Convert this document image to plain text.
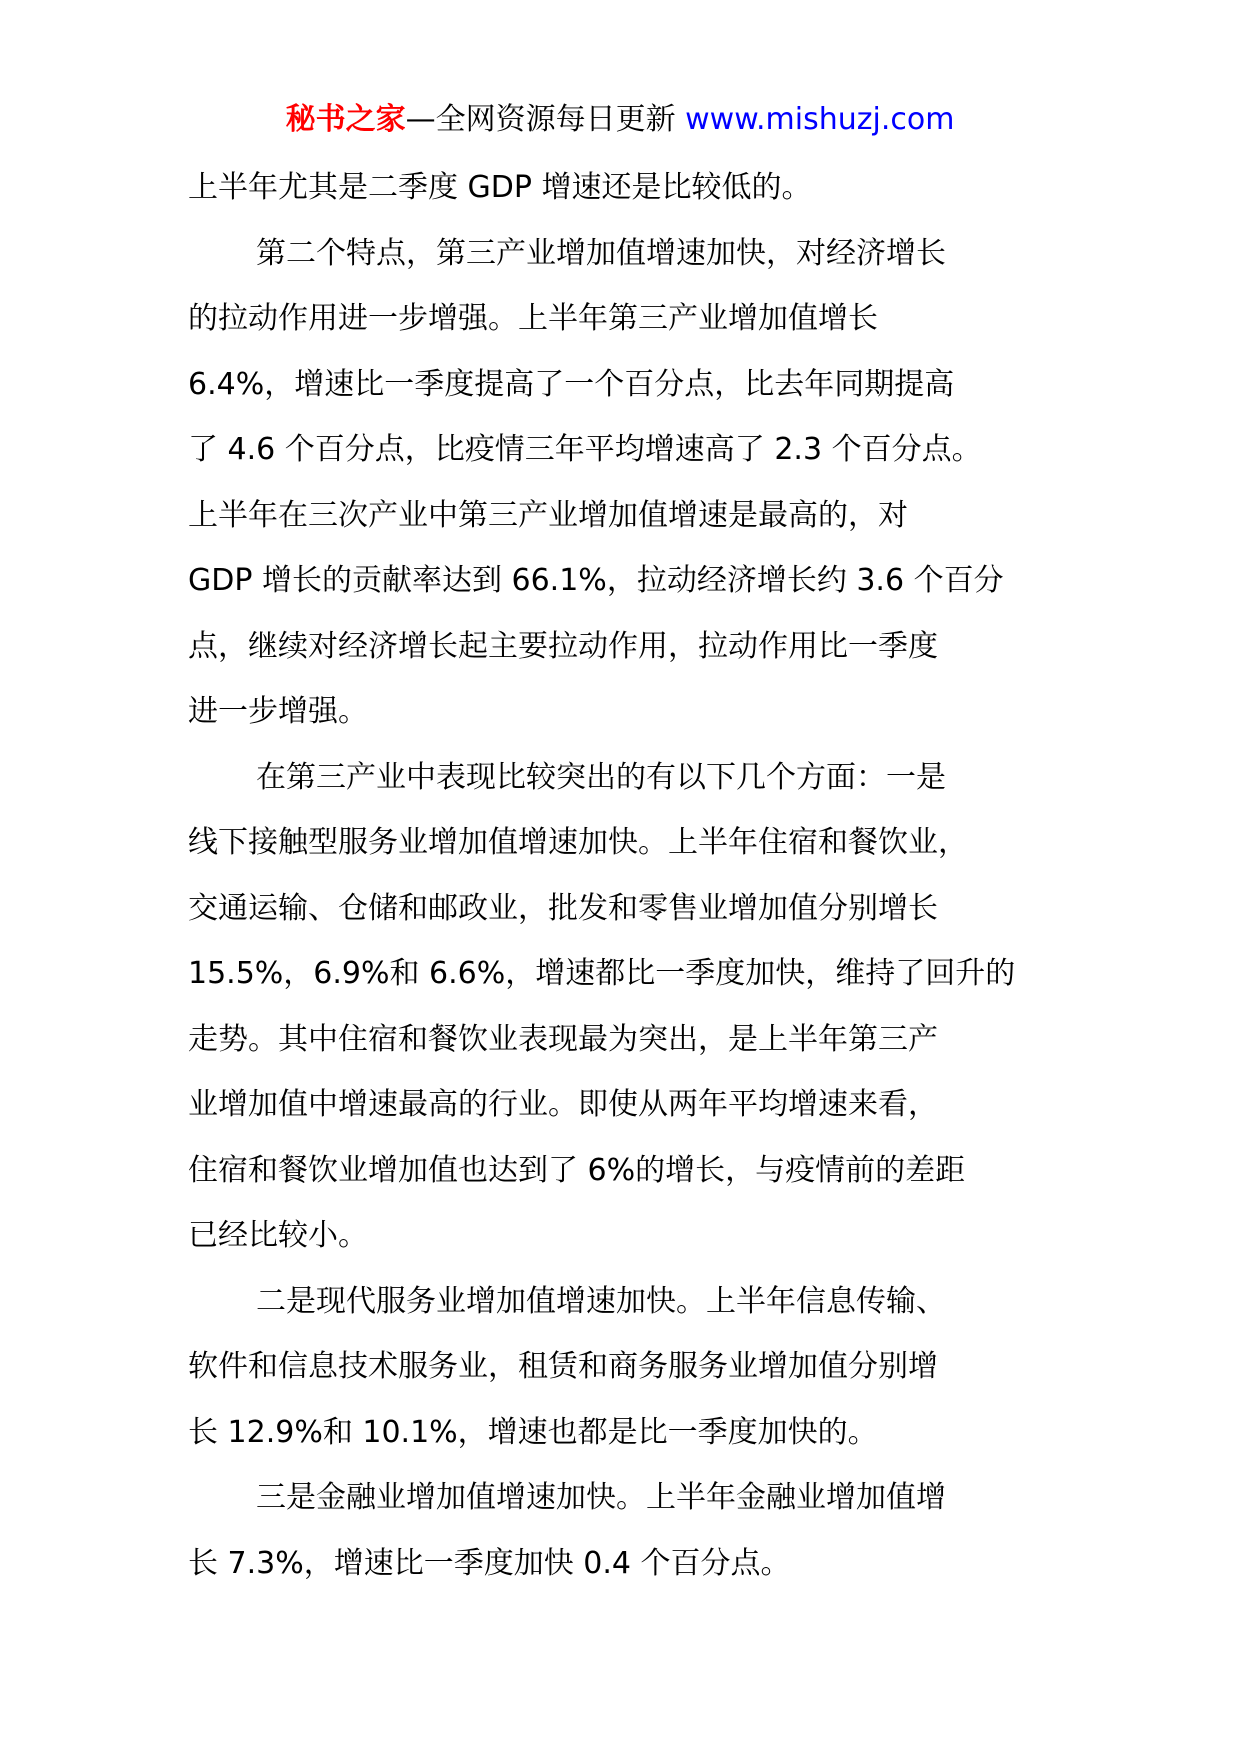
秘书之家—全网资源每日更新 www.mishuzj.com
上半年尤其是二季度 GDP 增速还是比较低的。
第二个特点，第三产业增加值增速加快，对经济增长
的拉动作用进一步增强。上半年第三产业增加值增长
6.4%，增速比一季度提高了一个百分点，比去年同期提高
了 4.6 个百分点，比疫情三年平均增速高了 2.3 个百分点。
上半年在三次产业中第三产业增加值增速是最高的，对
GDP 增长的贡献率达到 66.1%，拉动经济增长约 3.6 个百分
点，继续对经济增长起主要拉动作用，拉动作用比一季度
进一步增强。
在第三产业中表现比较突出的有以下几个方面：一是
线下接触型服务业增加值增速加快。上半年住宿和餐饮业，
交通运输、仓储和邮政业，批发和零售业增加值分别增长
15.5%，6.9%和 6.6%，增速都比一季度加快，维持了回升的
走势。其中住宿和餐饮业表现最为突出，是上半年第三产
业增加值中增速最高的行业。即使从两年平均增速来看，
住宿和餐饮业增加值也达到了 6%的增长，与疫情前的差距
已经比较小。
二是现代服务业增加值增速加快。上半年信息传输、
软件和信息技术服务业，租赁和商务服务业增加值分别增
长 12.9%和 10.1%，增速也都是比一季度加快的。
三是金融业增加值增速加快。上半年金融业增加值增
长 7.3%，增速比一季度加快 0.4 个百分点。
